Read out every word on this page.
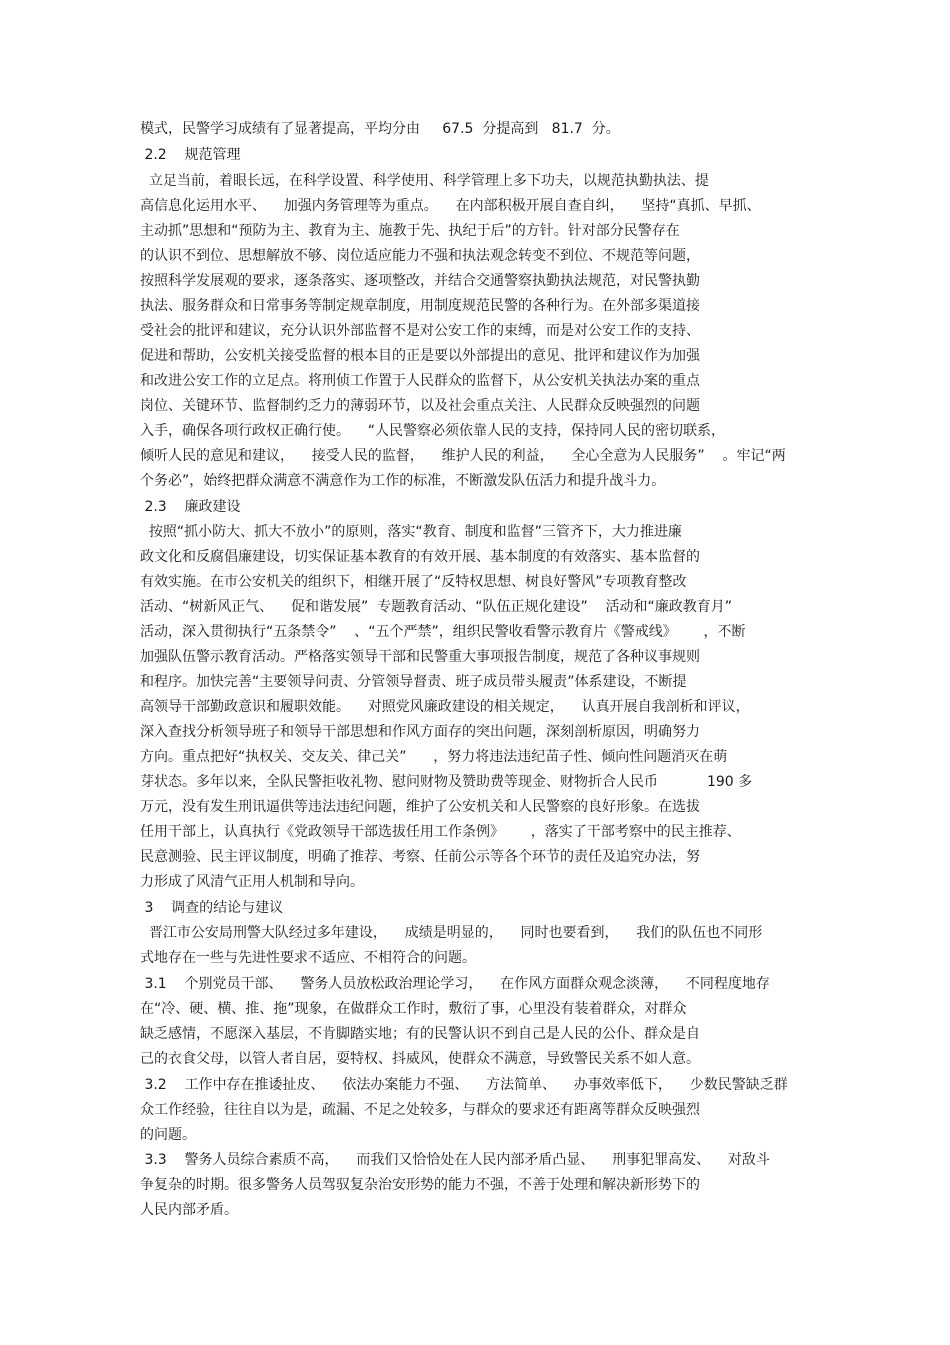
模式，民警学习成绩有了显著提高，平均分由     67.5  分提高到   81.7  分。
2.2    规范管理
立足当前，着眼长远，在科学设置、科学使用、科学管理上多下功夫，以规范执勤执法、提
高信息化运用水平、    加强内务管理等为重点。    在内部积极开展自查自纠，    坚持“真抓、早抓、
主动抓”思想和“预防为主、教育为主、施教于先、执纪于后”的方针。针对部分民警存在
的认识不到位、思想解放不够、岗位适应能力不强和执法观念转变不到位、不规范等问题，
按照科学发展观的要求，逐条落实、逐项整改，并结合交通警察执勤执法规范，对民警执勤
执法、服务群众和日常事务等制定规章制度，用制度规范民警的各种行为。在外部多渠道接
受社会的批评和建议，充分认识外部监督不是对公安工作的束缚，而是对公安工作的支持、
促进和帮助，公安机关接受监督的根本目的正是要以外部提出的意见、批评和建议作为加强
和改进公安工作的立足点。将刑侦工作置于人民群众的监督下，从公安机关执法办案的重点
岗位、关键环节、监督制约乏力的薄弱环节，以及社会重点关注、人民群众反映强烈的问题
入手，确保各项行政权正确行使。    “人民警察必须依靠人民的支持，保持同人民的密切联系，
倾听人民的意见和建议，    接受人民的监督，    维护人民的利益，    全心全意为人民服务”    。牢记“两
个务必”，始终把群众满意不满意作为工作的标准，不断激发队伍活力和提升战斗力。
2.3    廉政建设
按照“抓小防大、抓大不放小”的原则，落实“教育、制度和监督”三管齐下，大力推进廉
政文化和反腐倡廉建设，切实保证基本教育的有效开展、基本制度的有效落实、基本监督的
有效实施。在市公安机关的组织下，相继开展了“反特权思想、树良好警风”专项教育整改
活动、“树新风正气、    促和谐发展”  专题教育活动、“队伍正规化建设”    活动和“廉政教育月”
活动，深入贯彻执行“五条禁令”    、“五个严禁”，组织民警收看警示教育片《警戒线》      ，不断
加强队伍警示教育活动。严格落实领导干部和民警重大事项报告制度，规范了各种议事规则
和程序。加快完善“主要领导问责、分管领导督责、班子成员带头履责”体系建设，不断提
高领导干部勤政意识和履职效能。    对照党风廉政建设的相关规定，    认真开展自我剖析和评议，
深入查找分析领导班子和领导干部思想和作风方面存的突出问题，深刻剖析原因，明确努力
方向。重点把好“执权关、交友关、律己关”      ，努力将违法违纪苗子性、倾向性问题消灭在萌
芽状态。多年以来，全队民警拒收礼物、慰问财物及赞助费等现金、财物折合人民币           190 多
万元，没有发生刑讯逼供等违法违纪问题，维护了公安机关和人民警察的良好形象。在选拔
任用干部上，认真执行《党政领导干部选拔任用工作条例》      ，落实了干部考察中的民主推荐、
民意测验、民主评议制度，明确了推荐、考察、任前公示等各个环节的责任及追究办法，努
力形成了风清气正用人机制和导向。
3    调查的结论与建议
晋江市公安局刑警大队经过多年建设，    成绩是明显的，    同时也要看到，    我们的队伍也不同形
式地存在一些与先进性要求不适应、不相符合的问题。
3.1    个别党员干部、    警务人员放松政治理论学习，    在作风方面群众观念淡薄，    不同程度地存
在“冷、硬、横、推、拖”现象，在做群众工作时，敷衍了事，心里没有装着群众，对群众
缺乏感情，不愿深入基层，不肯脚踏实地；有的民警认识不到自己是人民的公仆、群众是自
己的衣食父母，以管人者自居，耍特权、抖威风，使群众不满意，导致警民关系不如人意。
3.2    工作中存在推诿扯皮、    依法办案能力不强、    方法简单、    办事效率低下，    少数民警缺乏群
众工作经验，往往自以为是，疏漏、不足之处较多，与群众的要求还有距离等群众反映强烈
的问题。
3.3    警务人员综合素质不高，    而我们又恰恰处在人民内部矛盾凸显、    刑事犯罪高发、    对敌斗
争复杂的时期。很多警务人员驾驭复杂治安形势的能力不强，不善于处理和解决新形势下的
人民内部矛盾。
